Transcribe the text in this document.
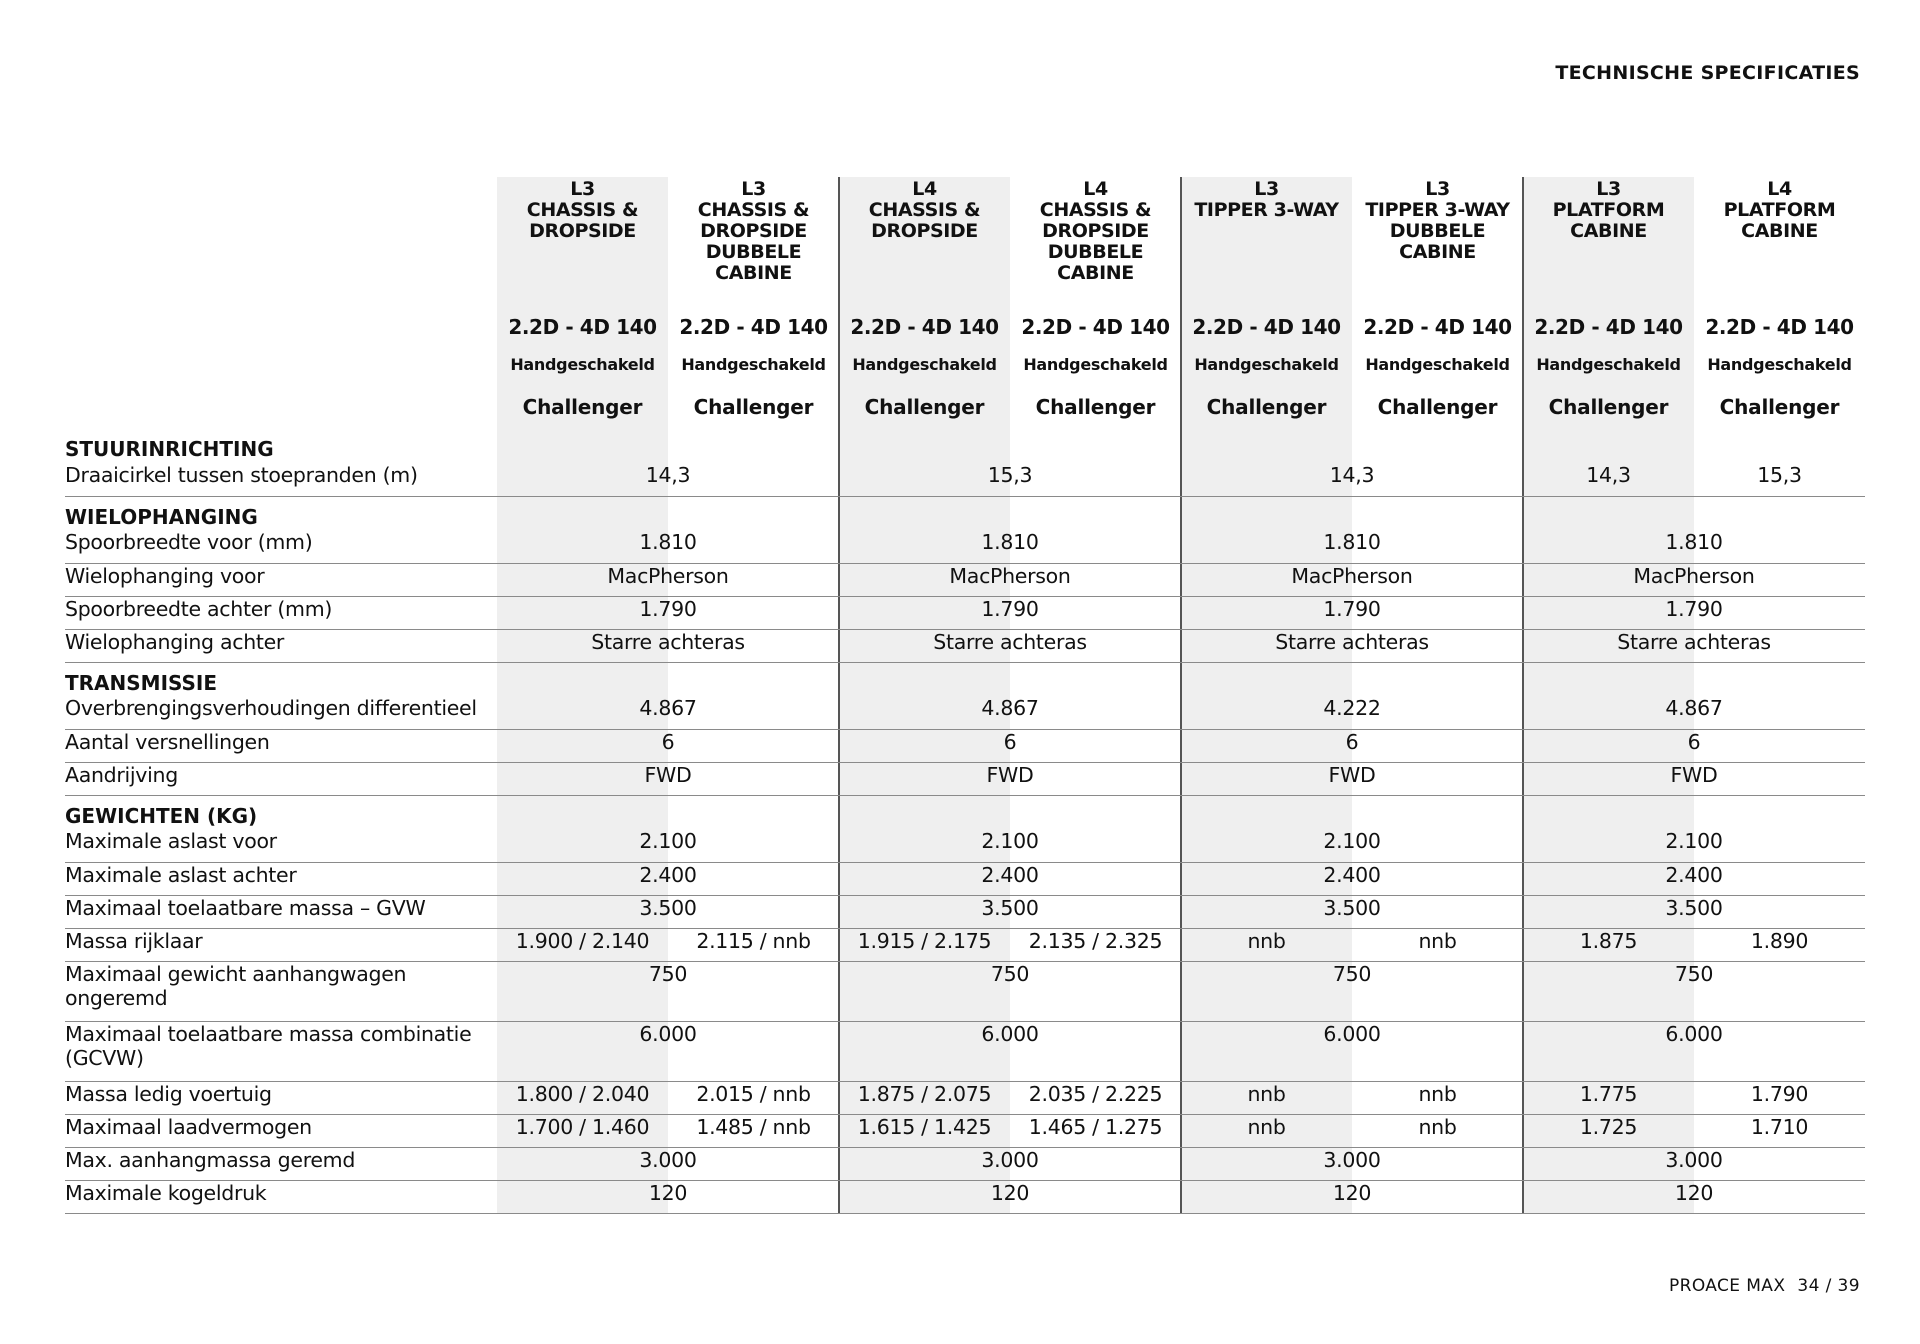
TECHNISCHE SPECIFICATIES
	L3
CHASSIS &
DROPSIDE	L3
CHASSIS &
DROPSIDE
DUBBELE
CABINE	L4
CHASSIS &
DROPSIDE	L4
CHASSIS &
DROPSIDE
DUBBELE
CABINE	L3
TIPPER 3-WAY	L3
TIPPER 3-WAY
DUBBELE
CABINE	L3
PLATFORM
CABINE	L4
PLATFORM
CABINE
	2.2D - 4D 140	2.2D - 4D 140	2.2D - 4D 140	2.2D - 4D 140	2.2D - 4D 140	2.2D - 4D 140	2.2D - 4D 140	2.2D - 4D 140
	Handgeschakeld	Handgeschakeld	Handgeschakeld	Handgeschakeld	Handgeschakeld	Handgeschakeld	Handgeschakeld	Handgeschakeld
	Challenger	Challenger	Challenger	Challenger	Challenger	Challenger	Challenger	Challenger
STUURINRICHTING								
Draaicirkel tussen stoepranden (m)	14,3		15,3		14,3		14,3	15,3
WIELOPHANGING								
Spoorbreedte voor (mm)	1.810		1.810		1.810		1.810	
Wielophanging voor	MacPherson		MacPherson		MacPherson		MacPherson	
Spoorbreedte achter (mm)	1.790		1.790		1.790		1.790	
Wielophanging achter	Starre achteras		Starre achteras		Starre achteras		Starre achteras	
TRANSMISSIE								
Overbrengingsverhoudingen differentieel	4.867		4.867		4.222		4.867	
Aantal versnellingen	6		6		6		6	
Aandrijving	FWD		FWD		FWD		FWD	
GEWICHTEN (KG)								
Maximale aslast voor	2.100		2.100		2.100		2.100	
Maximale aslast achter	2.400		2.400		2.400		2.400	
Maximaal toelaatbare massa – GVW	3.500		3.500		3.500		3.500	
Massa rijklaar	1.900 / 2.140	2.115 / nnb	1.915 / 2.175	2.135 / 2.325	nnb	nnb	1.875	1.890
Maximaal gewicht aanhangwagen ongeremd	750		750		750		750	
Maximaal toelaatbare massa combinatie (GCVW)	6.000		6.000		6.000		6.000	
Massa ledig voertuig	1.800 / 2.040	2.015 / nnb	1.875 / 2.075	2.035 / 2.225	nnb	nnb	1.775	1.790
Maximaal laadvermogen	1.700 / 1.460	1.485 / nnb	1.615 / 1.425	1.465 / 1.275	nnb	nnb	1.725	1.710
Max. aanhangmassa geremd	3.000		3.000		3.000		3.000	
Maximale kogeldruk	120		120		120		120	
PROACE MAX 34 / 39
